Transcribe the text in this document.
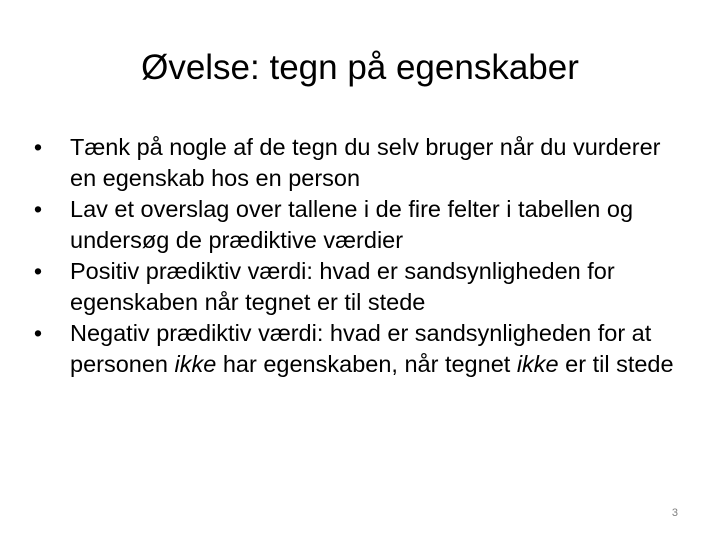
Øvelse: tegn på egenskaber
• Tænk på nogle af de tegn du selv bruger når du vurderer en egenskab hos en person
• Lav et overslag over tallene i de fire felter i tabellen og undersøg de prædiktive værdier
• Positiv prædiktiv værdi: hvad er sandsynligheden for egenskaben når tegnet er til stede
• Negativ prædiktiv værdi: hvad er sandsynligheden for at personen ikke har egenskaben, når tegnet ikke er til stede
3
